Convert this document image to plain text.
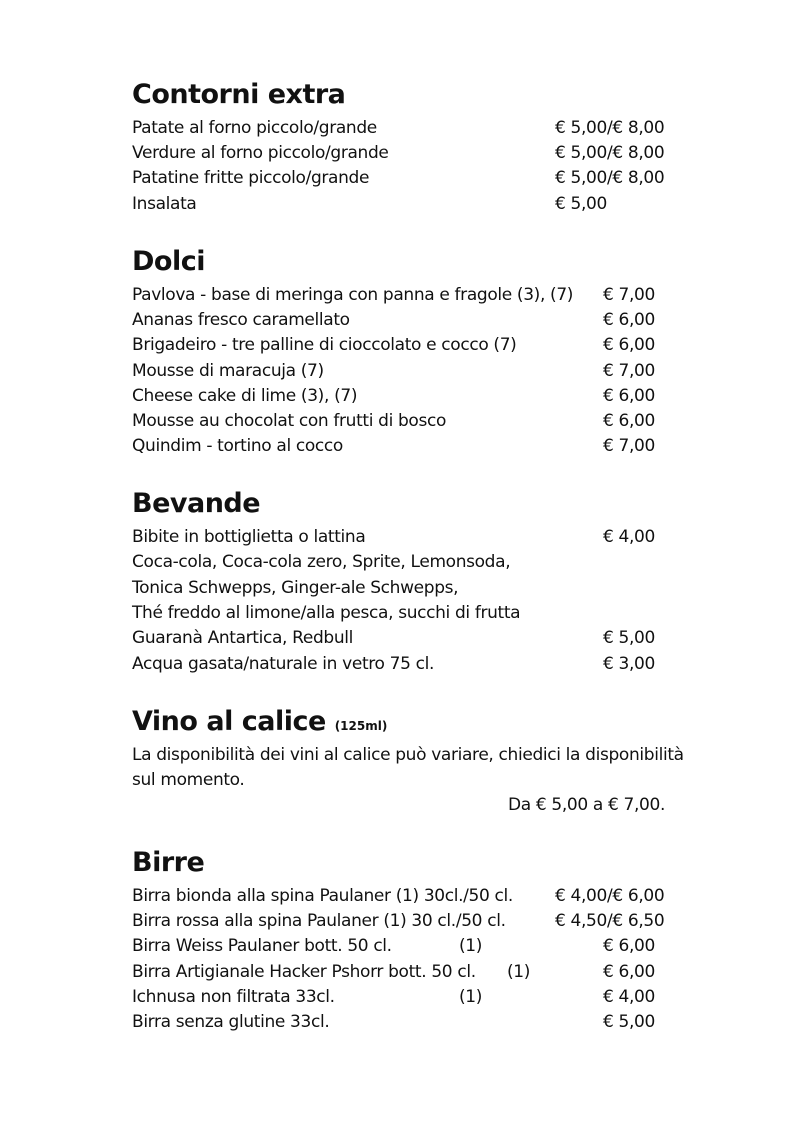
Contorni extra
Patate al forno piccolo/grande	€ 5,00/€ 8,00
Verdure al forno piccolo/grande	€ 5,00/€ 8,00
Patatine fritte piccolo/grande	€ 5,00/€ 8,00
Insalata	€ 5,00
Dolci
Pavlova - base di meringa con panna e fragole (3), (7) € 7,00
Ananas fresco caramellato	€ 6,00
Brigadeiro - tre palline di cioccolato e cocco (7)	€ 6,00
Mousse di maracuja (7)	€ 7,00
Cheese cake di lime (3), (7)	€ 6,00
Mousse au chocolat con frutti di bosco	€ 6,00
Quindim - tortino al cocco	€ 7,00
Bevande
Bibite in bottiglietta o lattina	€ 4,00
Coca-cola, Coca-cola zero, Sprite, Lemonsoda,
Tonica Schwepps, Ginger-ale Schwepps,
Thé freddo al limone/alla pesca, succhi di frutta
Guaranà Antartica, Redbull	€ 5,00
Acqua gasata/naturale in vetro 75 cl.	€ 3,00
Vino al calice (125ml)
La disponibilità dei vini al calice può variare, chiedici la disponibilità
sul momento.
Da € 5,00 a € 7,00.
Birre
Birra bionda alla spina Paulaner (1) 30cl./50 cl. € 4,00/€ 6,00
Birra rossa alla spina Paulaner (1) 30 cl./50 cl.	€ 4,50/€ 6,50
Birra Weiss Paulaner bott. 50 cl.	(1)	€ 6,00
Birra Artigianale Hacker Pshorr bott. 50 cl. (1)	€ 6,00
Ichnusa non filtrata 33cl.	(1)	€ 4,00
Birra senza glutine 33cl.	€ 5,00
